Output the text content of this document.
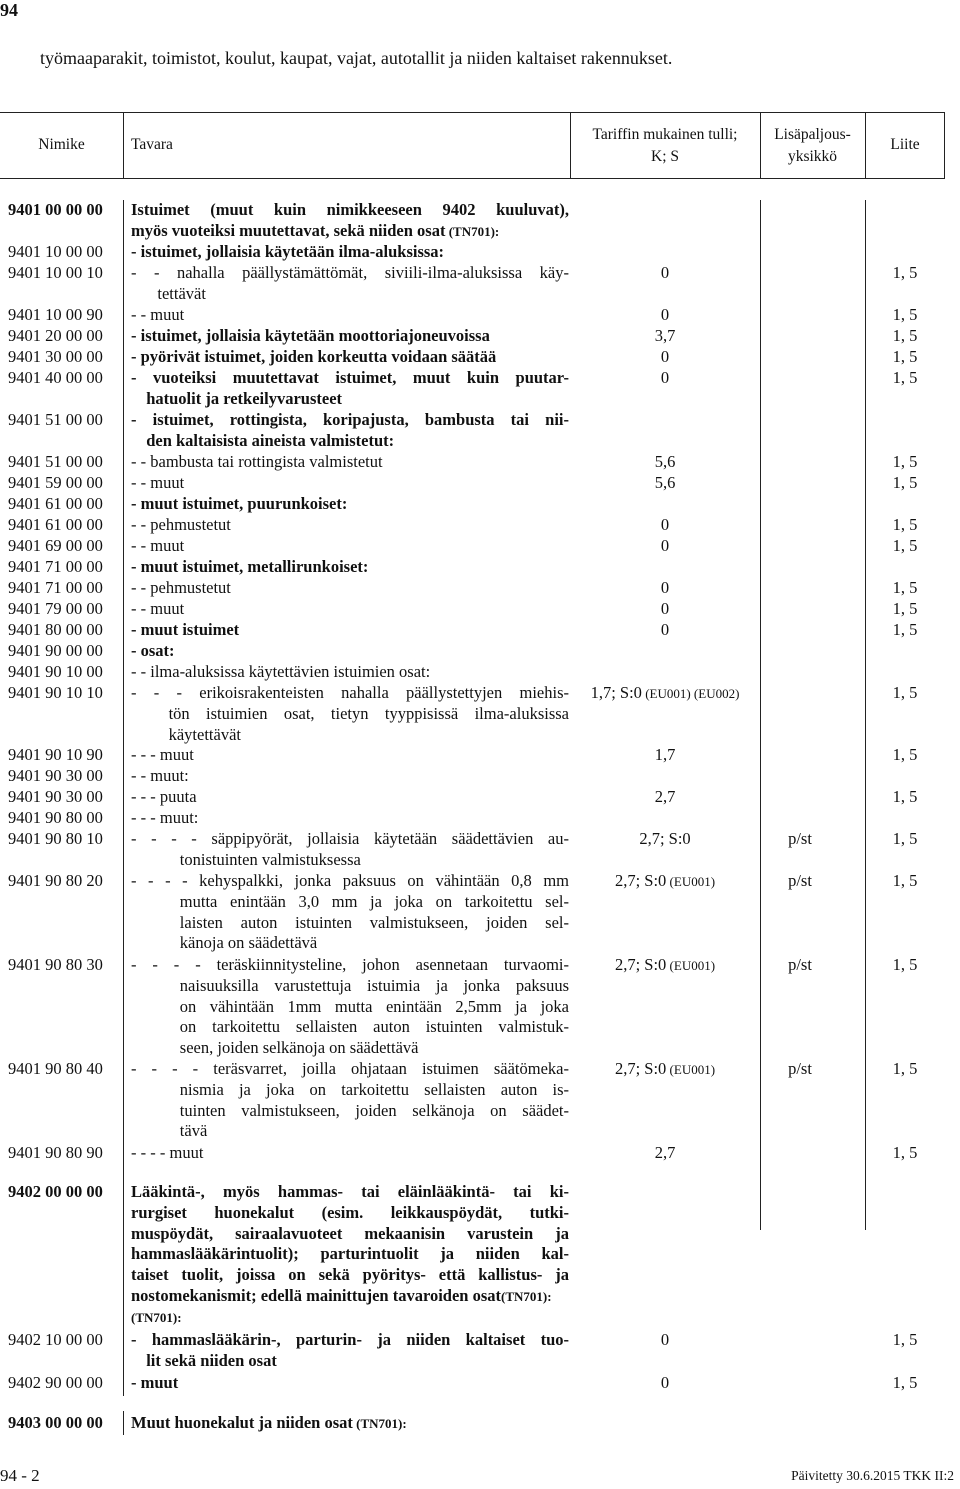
94
työmaaparakit, toimistot, koulut, kaupat, vajat, autotallit ja niiden kaltaiset rakennukset.
Nimike	Tavara
Tariffin mukainen tulli;
K; S
Lisäpaljous-
yksikkö
Liite
9401 00 00 00 Istuimet (muut kuin nimikkeeseen 9402 kuuluvat),
myös vuoteiksi muutettavat, sekä niiden osat (TN701):
9401 10 00 00 - istuimet, jollaisia käytetään ilma-aluksissa:
9401 10 00 10 - - nahalla päällystämättömät, siviili-ilma-aluksissa käy-
tettävät
0	1, 5
9401 10 00 90 - - muut	0	1, 5
9401 20 00 00 - istuimet, jollaisia käytetään moottoriajoneuvoissa	3,7	1, 5
9401 30 00 00 - pyörivät istuimet, joiden korkeutta voidaan säätää	0	1, 5
9401 40 00 00 - vuoteiksi muutettavat istuimet, muut kuin puutar-
hatuolit ja retkeilyvarusteet
0	1, 5
9401 51 00 00 - istuimet, rottingista, koripajusta, bambusta tai nii-
den kaltaisista aineista valmistetut:
9401 51 00 00 - - bambusta tai rottingista valmistetut	5,6	1, 5
9401 59 00 00 - - muut	5,6	1, 5
9401 61 00 00 - muut istuimet, puurunkoiset:
9401 61 00 00 - - pehmustetut	0	1, 5
9401 69 00 00 - - muut	0	1, 5
9401 71 00 00 - muut istuimet, metallirunkoiset:
9401 71 00 00 - - pehmustetut	0	1, 5
9401 79 00 00 - - muut	0	1, 5
9401 80 00 00 - muut istuimet	0	1, 5
9401 90 00 00 - osat:
9401 90 10 00 - - ilma-aluksissa käytettävien istuimien osat:
9401 90 10 10 - - - erikoisrakenteisten nahalla päällystettyjen miehis-
tön istuimien osat, tietyn tyyppisissä ilma-aluksissa
käytettävät
1,7; S:0 (EU001) (EU002)	1, 5
9401 90 10 90 - - - muut	1,7	1, 5
9401 90 30 00 - - muut:
9401 90 30 00 - - - puuta	2,7	1, 5
9401 90 80 00 - - - muut:
9401 90 80 10 - - - - säppipyörät, jollaisia käytetään säädettävien au-
tonistuinten valmistuksessa
2,7; S:0	p/st	1, 5
9401 90 80 20 - - - - kehyspalkki, jonka paksuus on vähintään 0,8 mm
mutta enintään 3,0 mm ja joka on tarkoitettu sel-
laisten auton istuinten valmistukseen, joiden sel-
känoja on säädettävä
2,7; S:0 (EU001)	p/st	1, 5
9401 90 80 30 - - - - teräskiinnitysteline, johon asennetaan turvaomi-
naisuuksilla varustettuja istuimia ja jonka paksuus
on vähintään 1mm mutta enintään 2,5mm ja joka
on tarkoitettu sellaisten auton istuinten valmistuk-
seen, joiden selkänoja on säädettävä
2,7; S:0 (EU001)	p/st	1, 5
9401 90 80 40 - - - - teräsvarret, joilla ohjataan istuimen säätömeka-
nismia ja joka on tarkoitettu sellaisten auton is-
tuinten valmistukseen, joiden selkänoja on säädet-
tävä
2,7; S:0 (EU001)	p/st	1, 5
9401 90 80 90 - - - - muut	2,7	1, 5
9402 00 00 00 Lääkintä-, myös hammas- tai eläinlääkintä- tai ki-
rurgiset huonekalut (esim. leikkauspöydät, tutki-
muspöydät, sairaalavuoteet mekaanisin varustein ja
hammaslääkärintuolit); parturintuolit ja niiden kal-
taiset tuolit, joissa on sekä pyöritys- että kallistus- ja
nostomekanismit; edellä mainittujen tavaroiden osat(TN701):
(TN701):
9402 10 00 00 - hammaslääkärin-, parturin- ja niiden kaltaiset tuo-
lit sekä niiden osat
0	1, 5
9402 90 00 00 - muut	0	1, 5
9403 00 00 00 Muut huonekalut ja niiden osat (TN701):
94 - 2	Päivitetty 30.6.2015 TKK II:2
